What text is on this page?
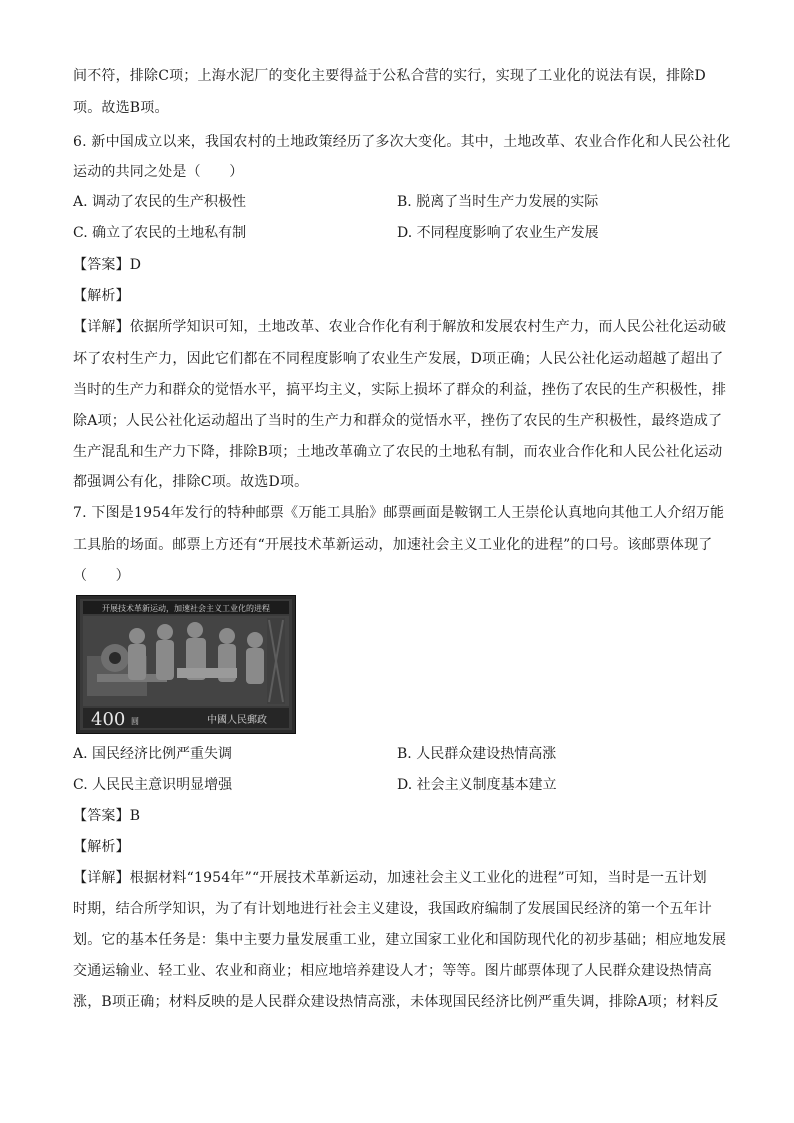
间不符，排除C项；上海水泥厂的变化主要得益于公私合营的实行，实现了工业化的说法有误，排除D
项。故选B项。
6. 新中国成立以来，我国农村的土地政策经历了多次大变化。其中，土地改革、农业合作化和人民公社化
运动的共同之处是（　　）
A. 调动了农民的生产积极性	B. 脱离了当时生产力发展的实际
C. 确立了农民的土地私有制	D. 不同程度影响了农业生产发展
【答案】D
【解析】
【详解】依据所学知识可知，土地改革、农业合作化有利于解放和发展农村生产力，而人民公社化运动破
坏了农村生产力，因此它们都在不同程度影响了农业生产发展，D项正确；人民公社化运动超越了超出了
当时的生产力和群众的觉悟水平，搞平均主义，实际上损坏了群众的利益，挫伤了农民的生产积极性，排
除A项；人民公社化运动超出了当时的生产力和群众的觉悟水平，挫伤了农民的生产积极性，最终造成了
生产混乱和生产力下降，排除B项；土地改革确立了农民的土地私有制，而农业合作化和人民公社化运动
都强调公有化，排除C项。故选D项。
7. 下图是1954年发行的特种邮票《万能工具胎》邮票画面是鞍钢工人王崇伦认真地向其他工人介绍万能
工具胎的场面。邮票上方还有“开展技术革新运动，加速社会主义工业化的进程”的口号。该邮票体现了
（　　）
开展技术革新运动，加速社会主义工业化的进程
400 圆	中國人民郵政
A. 国民经济比例严重失调	B. 人民群众建设热情高涨
C. 人民民主意识明显增强	D. 社会主义制度基本建立
【答案】B
【解析】
【详解】根据材料“1954年”“开展技术革新运动，加速社会主义工业化的进程”可知，当时是一五计划
时期，结合所学知识，为了有计划地进行社会主义建设，我国政府编制了发展国民经济的第一个五年计
划。它的基本任务是：集中主要力量发展重工业，建立国家工业化和国防现代化的初步基础；相应地发展
交通运输业、轻工业、农业和商业；相应地培养建设人才；等等。图片邮票体现了人民群众建设热情高
涨，B项正确；材料反映的是人民群众建设热情高涨，未体现国民经济比例严重失调，排除A项；材料反
